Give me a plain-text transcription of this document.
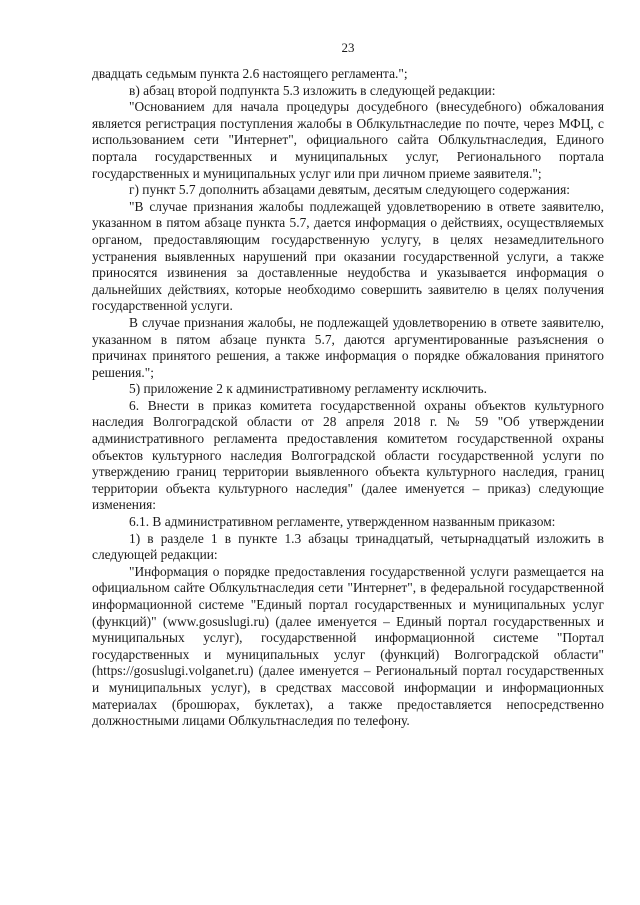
23

двадцать седьмым пункта 2.6 настоящего регламента.";

в) абзац второй подпункта 5.3 изложить в следующей редакции:

"Основанием для начала процедуры досудебного (внесудебного) обжалования является регистрация поступления жалобы в Облкультнаследие по почте, через МФЦ, с использованием сети "Интернет", официального сайта Облкультнаследия, Единого портала государственных и муниципальных услуг, Регионального портала государственных и муниципальных услуг или при личном приеме заявителя.";

г) пункт 5.7 дополнить абзацами девятым, десятым следующего содержания:

"В случае признания жалобы подлежащей удовлетворению в ответе заявителю, указанном в пятом абзаце пункта 5.7, дается информация о действиях, осуществляемых органом, предоставляющим государственную услугу, в целях незамедлительного устранения выявленных нарушений при оказании государственной услуги, а также приносятся извинения за доставленные неудобства и указывается информация о дальнейших действиях, которые необходимо совершить заявителю в целях получения государственной услуги.

В случае признания жалобы, не подлежащей удовлетворению в ответе заявителю, указанном в пятом абзаце пункта 5.7, даются аргументированные разъяснения о причинах принятого решения, а также информация о порядке обжалования принятого решения.";

5) приложение 2 к административному регламенту исключить.

6. Внести в приказ комитета государственной охраны объектов культурного наследия Волгоградской области от 28 апреля 2018 г. № 59 "Об утверждении административного регламента предоставления комитетом государственной охраны объектов культурного наследия Волгоградской области государственной услуги по утверждению границ территории выявленного объекта культурного наследия, границ территории объекта культурного наследия" (далее именуется – приказ) следующие изменения:

6.1. В административном регламенте, утвержденном названным приказом:

1) в разделе 1 в пункте 1.3 абзацы тринадцатый, четырнадцатый изложить в следующей редакции:

"Информация о порядке предоставления государственной услуги размещается на официальном сайте Облкультнаследия сети "Интернет", в федеральной государственной информационной системе "Единый портал государственных и муниципальных услуг (функций)" (www.gosuslugi.ru) (далее именуется – Единый портал государственных и муниципальных услуг), государственной информационной системе "Портал государственных и муниципальных услуг (функций) Волгоградской области" (https://gosuslugi.volganet.ru) (далее именуется – Региональный портал государственных и муниципальных услуг), в средствах массовой информации и информационных материалах (брошюрах, буклетах), а также предоставляется непосредственно должностными лицами Облкультнаследия по телефону.
